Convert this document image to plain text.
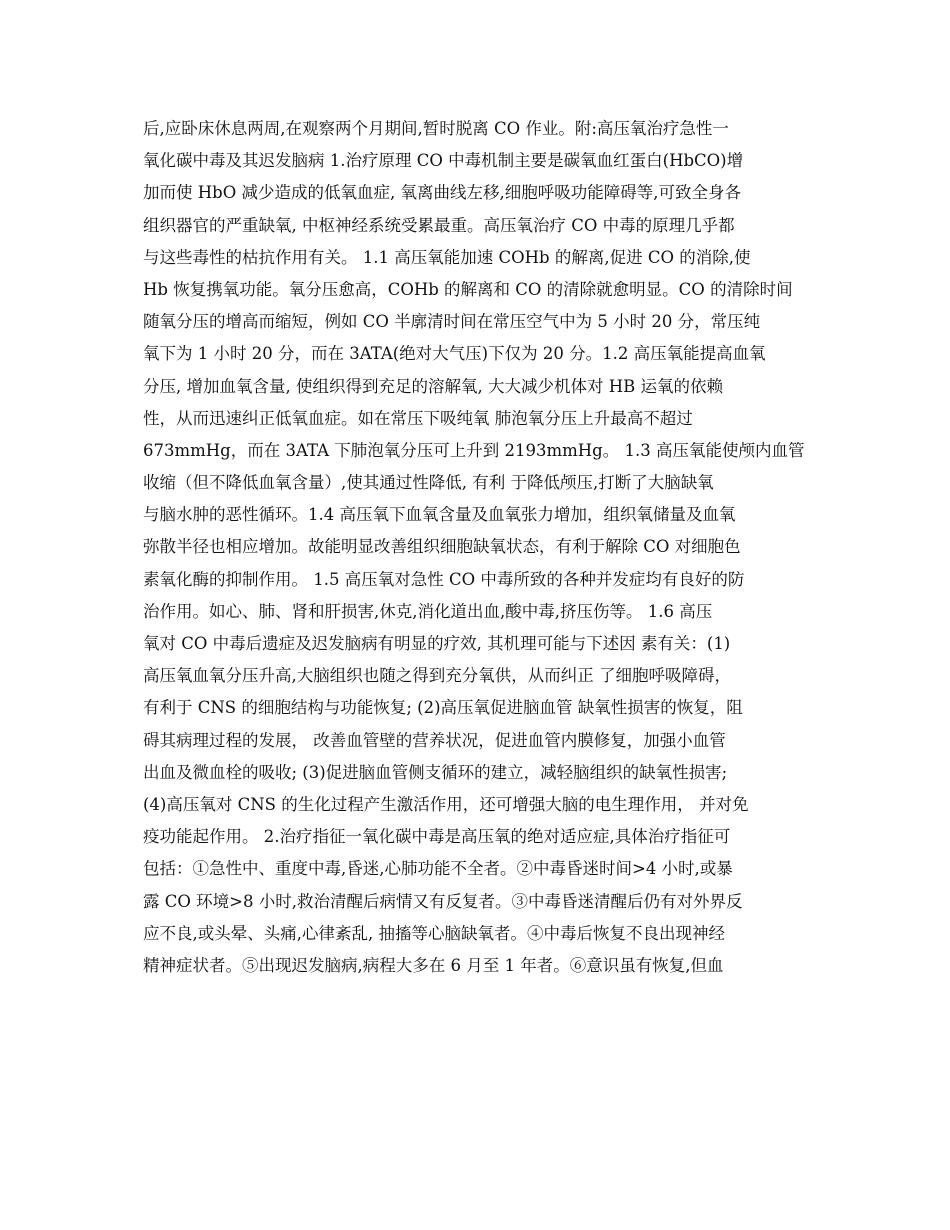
后,应卧床休息两周,在观察两个月期间,暂时脱离 CO 作业。附:高压氧治疗急性一
氧化碳中毒及其迟发脑病 1.治疗原理 CO 中毒机制主要是碳氧血红蛋白(HbCO)增
加而使 HbO 减少造成的低氧血症, 氧离曲线左移,细胞呼吸功能障碍等,可致全身各
组织器官的严重缺氧, 中枢神经系统受累最重。高压氧治疗 CO 中毒的原理几乎都
与这些毒性的枯抗作用有关。 1.1 高压氧能加速 COHb 的解离,促进 CO 的消除,使
Hb 恢复携氧功能。氧分压愈高，COHb 的解离和 CO 的清除就愈明显。CO 的清除时间
随氧分压的增高而缩短，例如 CO 半廓清时间在常压空气中为 5 小时 20 分，常压纯
氧下为 1 小时 20 分，而在 3ATA(绝对大气压)下仅为 20 分。1.2 高压氧能提高血氧
分压, 增加血氧含量, 使组织得到充足的溶解氧, 大大减少机体对 HB 运氧的依赖
性，从而迅速纠正低氧血症。如在常压下吸纯氧 肺泡氧分压上升最高不超过
673mmHg，而在 3ATA 下肺泡氧分压可上升到 2193mmHg。 1.3 高压氧能使颅内血管
收缩（但不降低血氧含量）,使其通过性降低, 有利 于降低颅压,打断了大脑缺氧
与脑水肿的恶性循环。1.4 高压氧下血氧含量及血氧张力增加，组织氧储量及血氧
弥散半径也相应增加。故能明显改善组织细胞缺氧状态，有利于解除 CO 对细胞色
素氧化酶的抑制作用。 1.5 高压氧对急性 CO 中毒所致的各种并发症均有良好的防
治作用。如心、肺、肾和肝损害,休克,消化道出血,酸中毒,挤压伤等。 1.6 高压
氧对 CO 中毒后遗症及迟发脑病有明显的疗效, 其机理可能与下述因 素有关：(1)
高压氧血氧分压升高,大脑组织也随之得到充分氧供，从而纠正 了细胞呼吸障碍，
有利于 CNS 的细胞结构与功能恢复; (2)高压氧促进脑血管 缺氧性损害的恢复，阻
碍其病理过程的发展， 改善血管壁的营养状况，促进血管内膜修复，加强小血管
出血及微血栓的吸收; (3)促进脑血管侧支循环的建立，减轻脑组织的缺氧性损害;
(4)高压氧对 CNS 的生化过程产生激活作用，还可增强大脑的电生理作用， 并对免
疫功能起作用。 2.治疗指征一氧化碳中毒是高压氧的绝对适应症,具体治疗指征可
包括：①急性中、重度中毒,昏迷,心肺功能不全者。②中毒昏迷时间>4 小时,或暴
露 CO 环境>8 小时,救治清醒后病情又有反复者。③中毒昏迷清醒后仍有对外界反
应不良,或头晕、头痛,心律紊乱, 抽搐等心脑缺氧者。④中毒后恢复不良出现神经
精神症状者。⑤出现迟发脑病,病程大多在 6 月至 1 年者。⑥意识虽有恢复,但血
